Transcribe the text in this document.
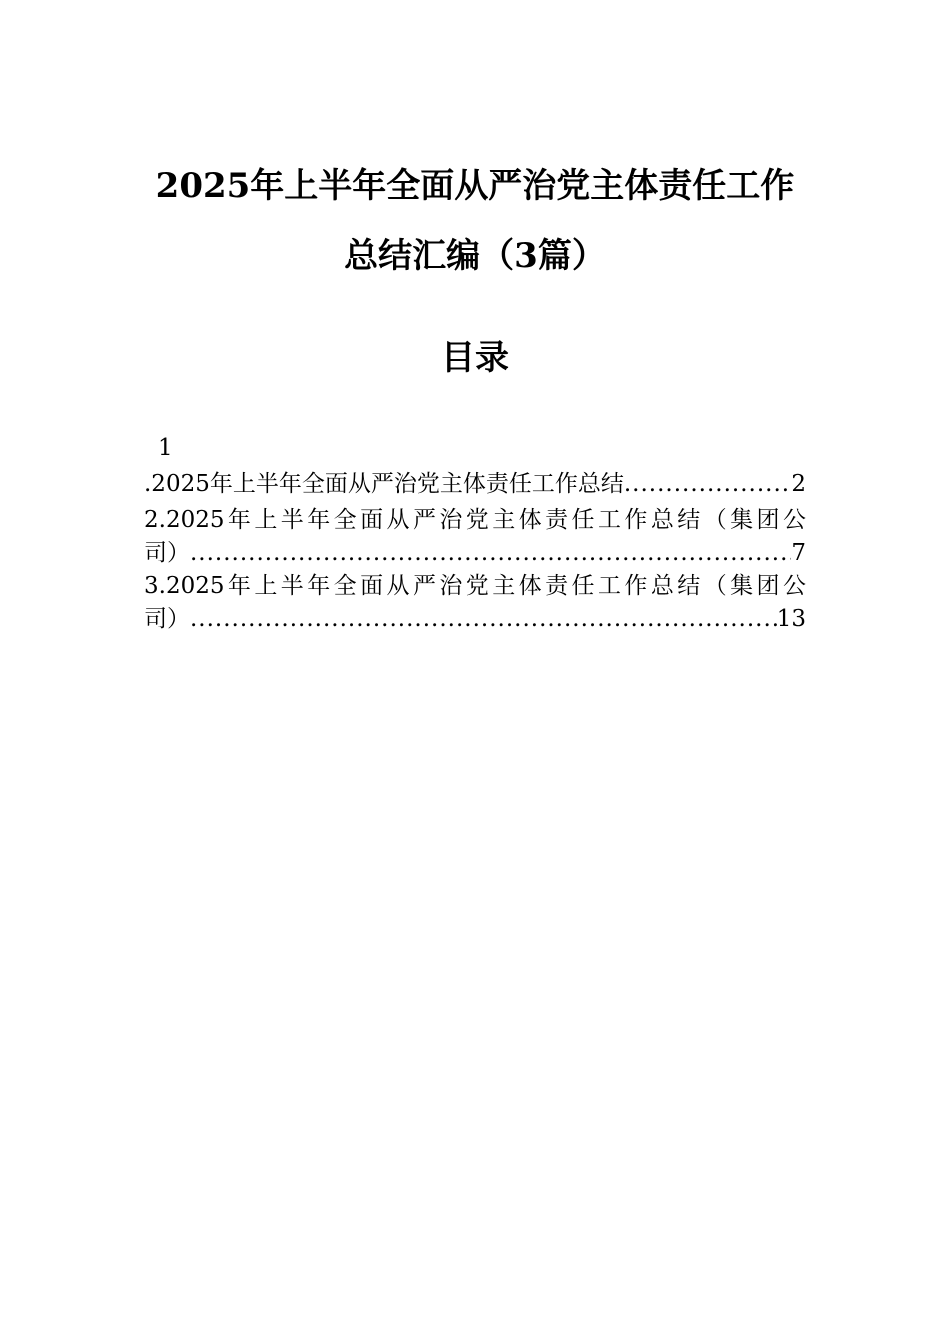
2025年上半年全面从严治党主体责任工作
总结汇编（3篇）
目录
1
.2025年上半年全面从严治党主体责任工作总结 .....	2
2.2025年上半年全面从严治党主体责任工作总结（集团公
司） .....	7
3.2025年上半年全面从严治党主体责任工作总结（集团公
司） .....	13
